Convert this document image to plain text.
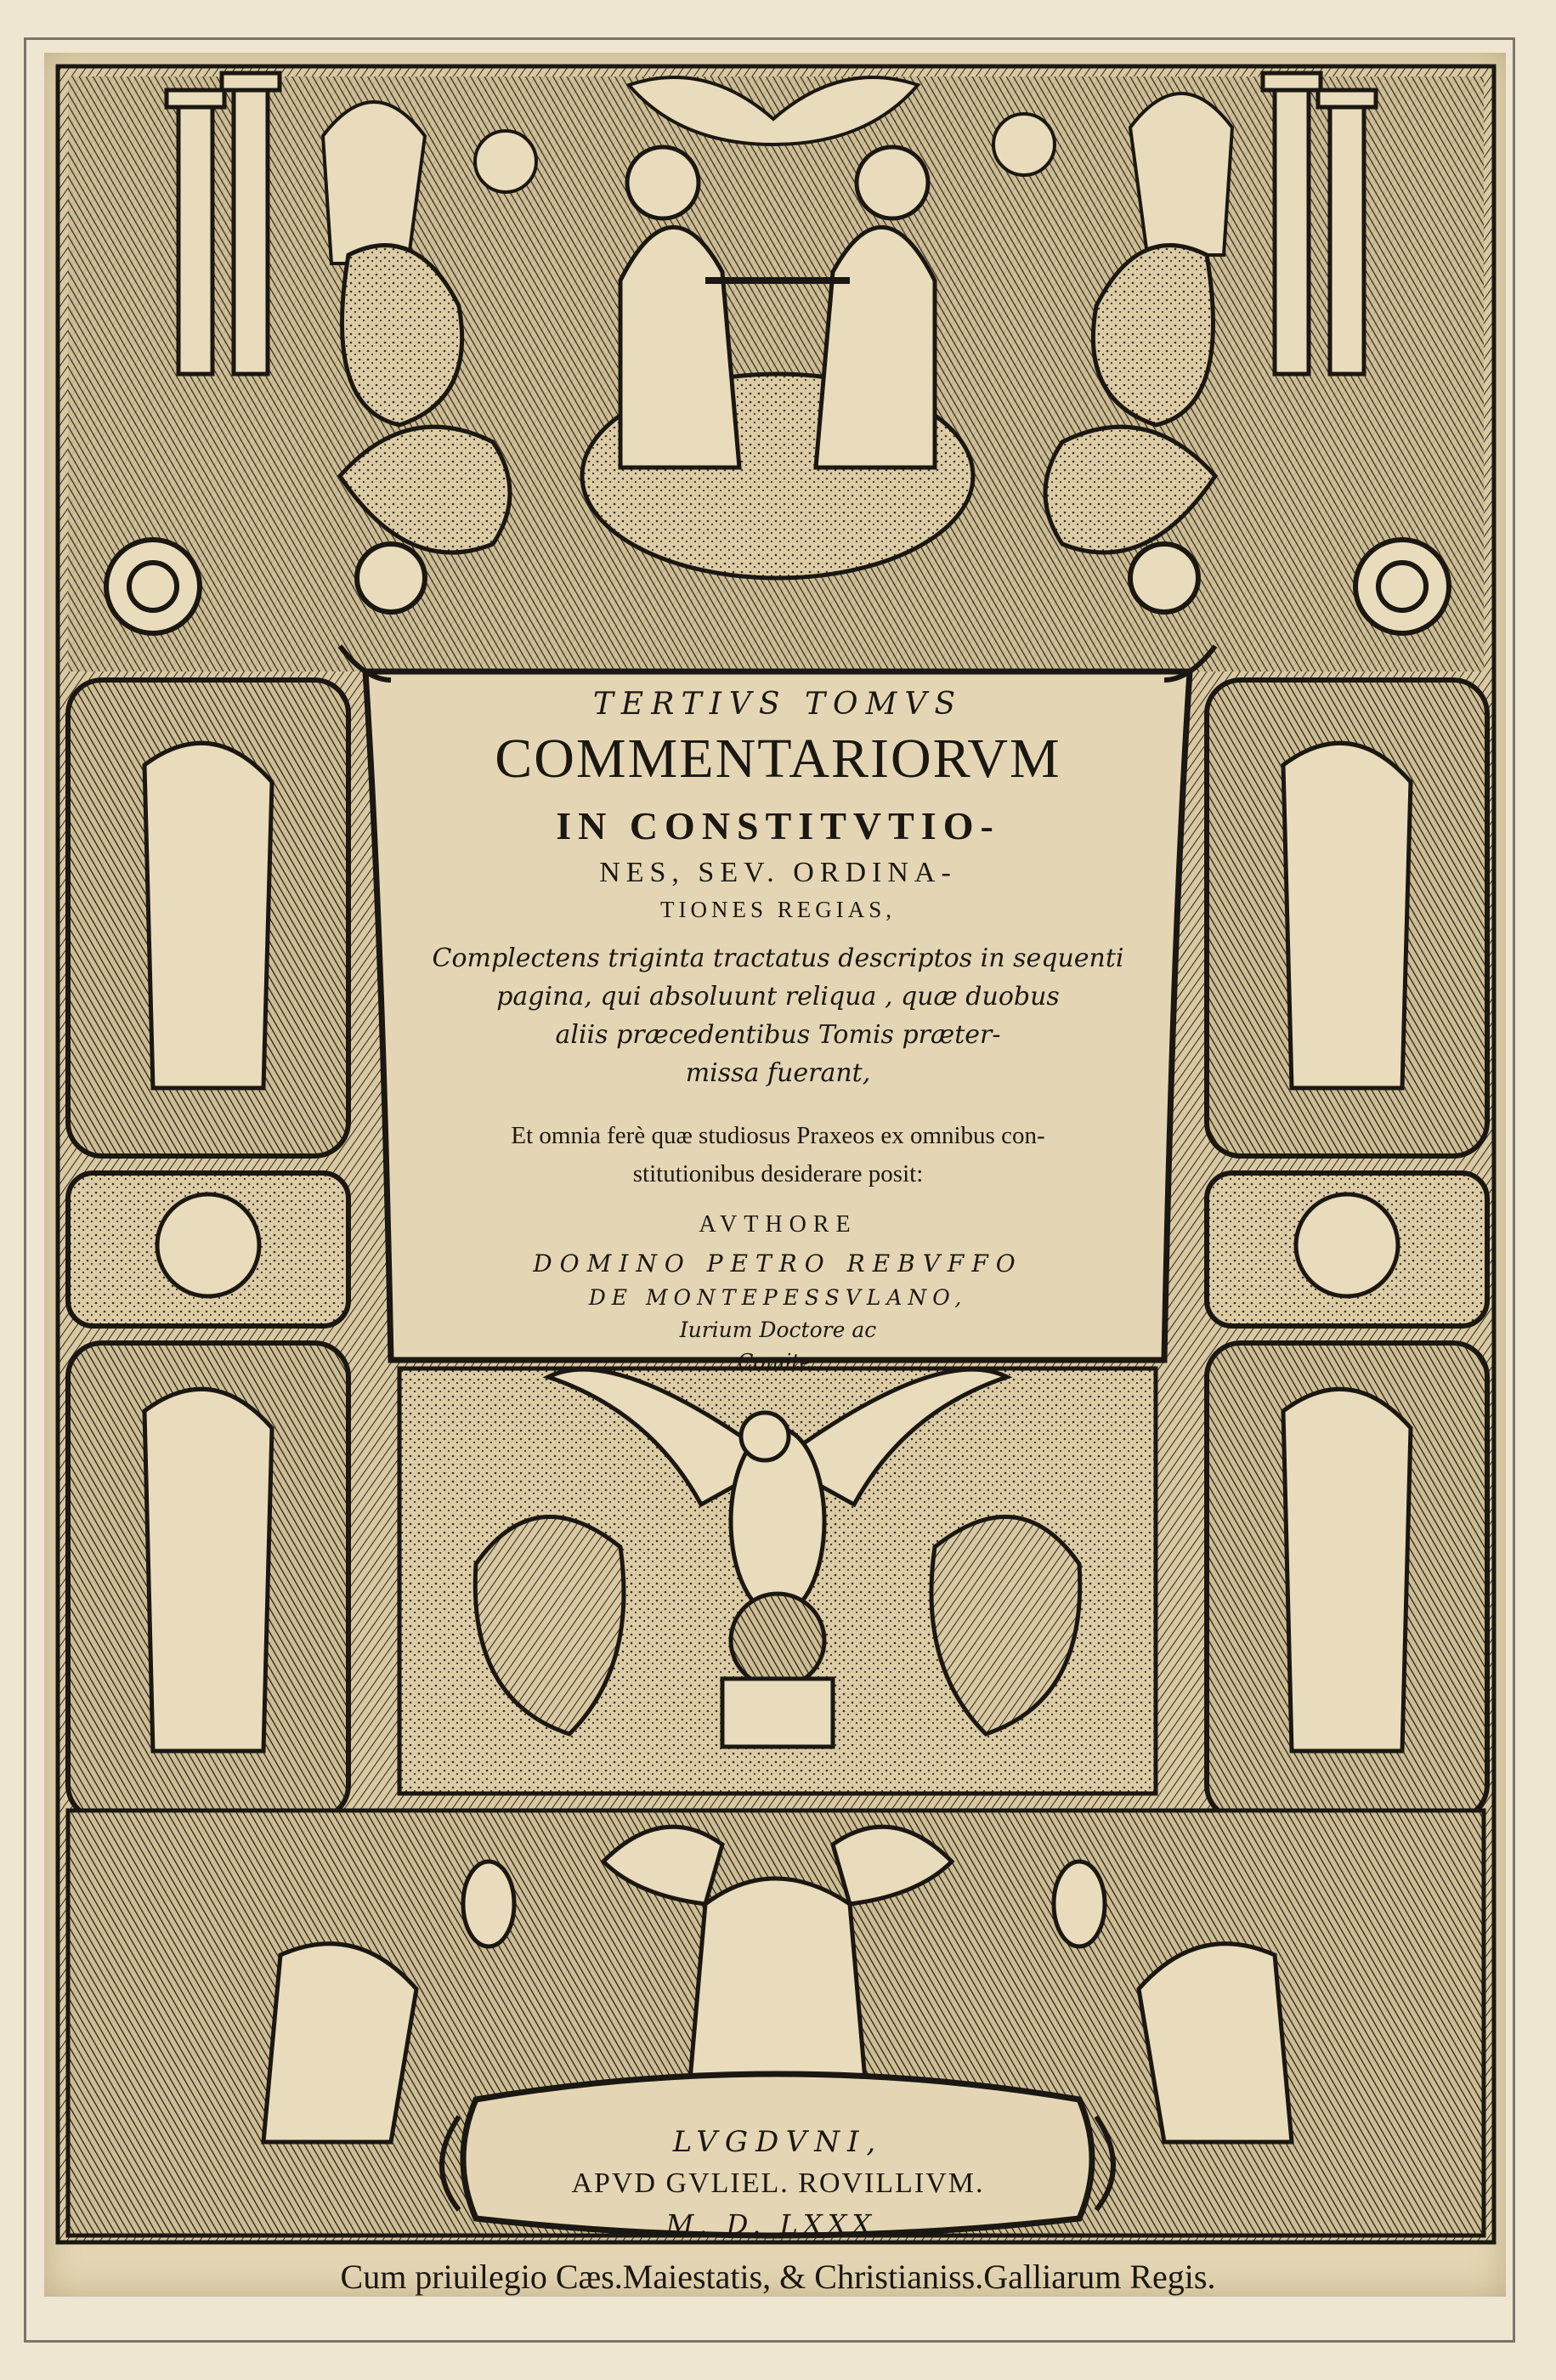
TERTIVS TOMVS
COMMENTARIORVM
IN CONSTITVTIO-
NES, SEV. ORDINA-
TIONES REGIAS,
Complectens triginta tractatus descriptos in sequenti
pagina, qui absoluunt reliqua , quæ duobus
aliis præcedentibus Tomis præter-
missa fuerant,
Et omnia ferè quæ studiosus Praxeos ex omnibus con-
stitutionibus desiderare posit:
AVTHORE
DOMINO PETRO REBVFFO
DE MONTEPESSVLANO,
Iurium Doctore ac
Comite.
LVGDVNI,
APVD GVLIEL. ROVILLIVM.
M. D. LXXX.
Cum priuilegio Cæs.Maiestatis, & Christianiss.Galliarum Regis.
